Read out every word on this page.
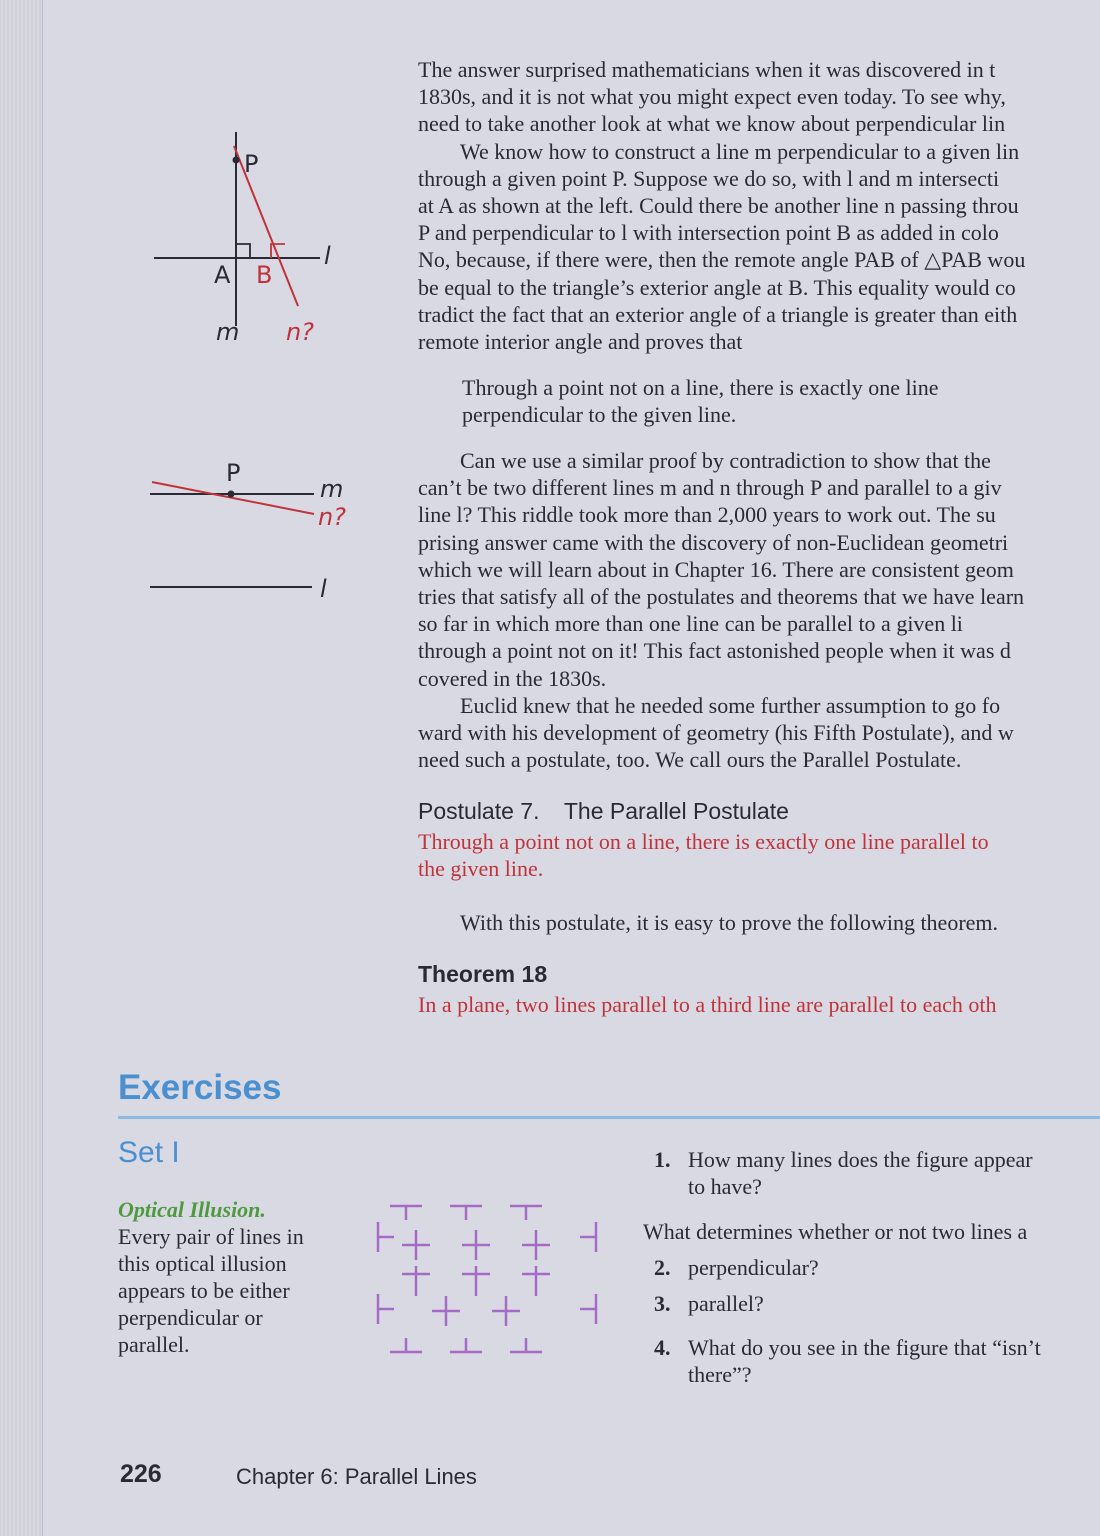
P
A B
l
m n?
P
m
n?
l

The answer surprised mathematicians when it was discovered in t

1830s, and it is not what you might expect even today. To see why,

need to take another look at what we know about perpendicular lin

We know how to construct a line m perpendicular to a given lin

through a given point P. Suppose we do so, with l and m intersecti

at A as shown at the left. Could there be another line n passing throu

P and perpendicular to l with intersection point B as added in colo

No, because, if there were, then the remote angle PAB of △PAB wou

be equal to the triangle’s exterior angle at B. This equality would co

tradict the fact that an exterior angle of a triangle is greater than eith

remote interior angle and proves that

Through a point not on a line, there is exactly one line

perpendicular to the given line.

Can we use a similar proof by contradiction to show that the

can’t be two different lines m and n through P and parallel to a giv

line l? This riddle took more than 2,000 years to work out. The su

prising answer came with the discovery of non-Euclidean geometri

which we will learn about in Chapter 16. There are consistent geom

tries that satisfy all of the postulates and theorems that we have learn

so far in which more than one line can be parallel to a given li

through a point not on it! This fact astonished people when it was d

covered in the 1830s.

Euclid knew that he needed some further assumption to go fo

ward with his development of geometry (his Fifth Postulate), and w

need such a postulate, too. We call ours the Parallel Postulate.

Postulate 7. The Parallel Postulate

Through a point not on a line, there is exactly one line parallel to

the given line.

With this postulate, it is easy to prove the following theorem.

Theorem 18

In a plane, two lines parallel to a third line are parallel to each oth

Exercises
Set I
Optical Illusion.
Every pair of lines in
this optical illusion
appears to be either
perpendicular or
parallel.
1. How many lines does the figure appear
to have?
What determines whether or not two lines a
2. perpendicular?
3. parallel?
4. What do you see in the figure that “isn’t
there”?
226	Chapter 6: Parallel Lines
